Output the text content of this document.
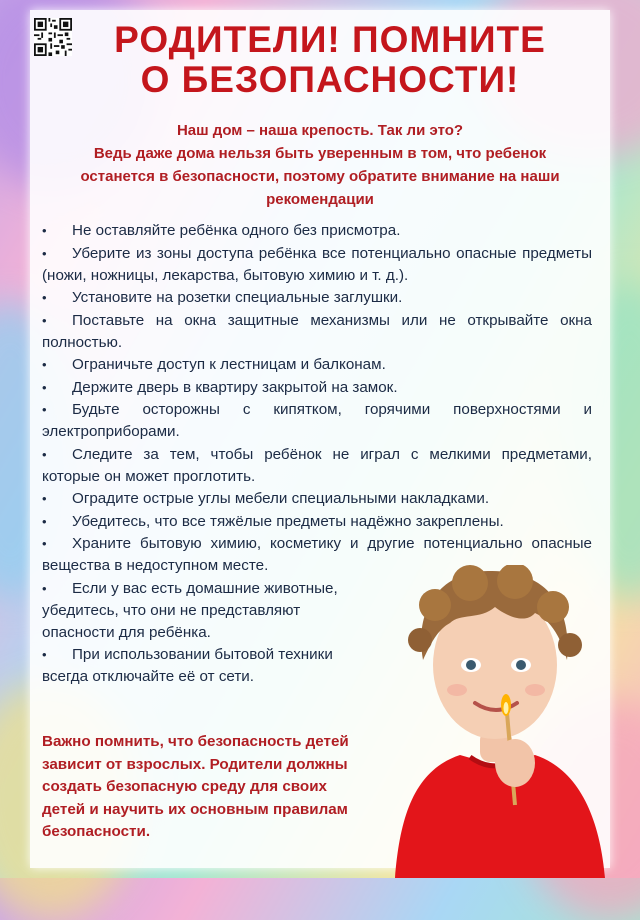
РОДИТЕЛИ! ПОМНИТЕ
О БЕЗОПАСНОСТИ!
Наш дом – наша крепость. Так ли это?
Ведь даже дома нельзя быть уверенным в том, что ребенок останется в безопасности, поэтому обратите внимание на наши рекомендации
• Не оставляйте ребёнка одного без присмотра.
• Уберите из зоны доступа ребёнка все потенциально опасные предметы (ножи, ножницы, лекарства, бытовую химию и т. д.).
• Установите на розетки специальные заглушки.
• Поставьте на окна защитные механизмы или не открывайте окна полностью.
• Ограничьте доступ к лестницам и балконам.
• Держите дверь в квартиру закрытой на замок.
• Будьте осторожны с кипятком, горячими поверхностями и электроприборами.
• Следите за тем, чтобы ребёнок не играл с мелкими предметами, которые он может проглотить.
• Оградите острые углы мебели специальными накладками.
• Убедитесь, что все тяжёлые предметы надёжно закреплены.
• Храните бытовую химию, косметику и другие потенциально опасные вещества в недоступном месте.
• Если у вас есть домашние животные, убедитесь, что они не представляют опасности для ребёнка.
• При использовании бытовой техники всегда отключайте её от сети.
Важно помнить, что безопасность детей зависит от взрослых. Родители должны создать безопасную среду для своих детей и научить их основным правилам безопасности.
